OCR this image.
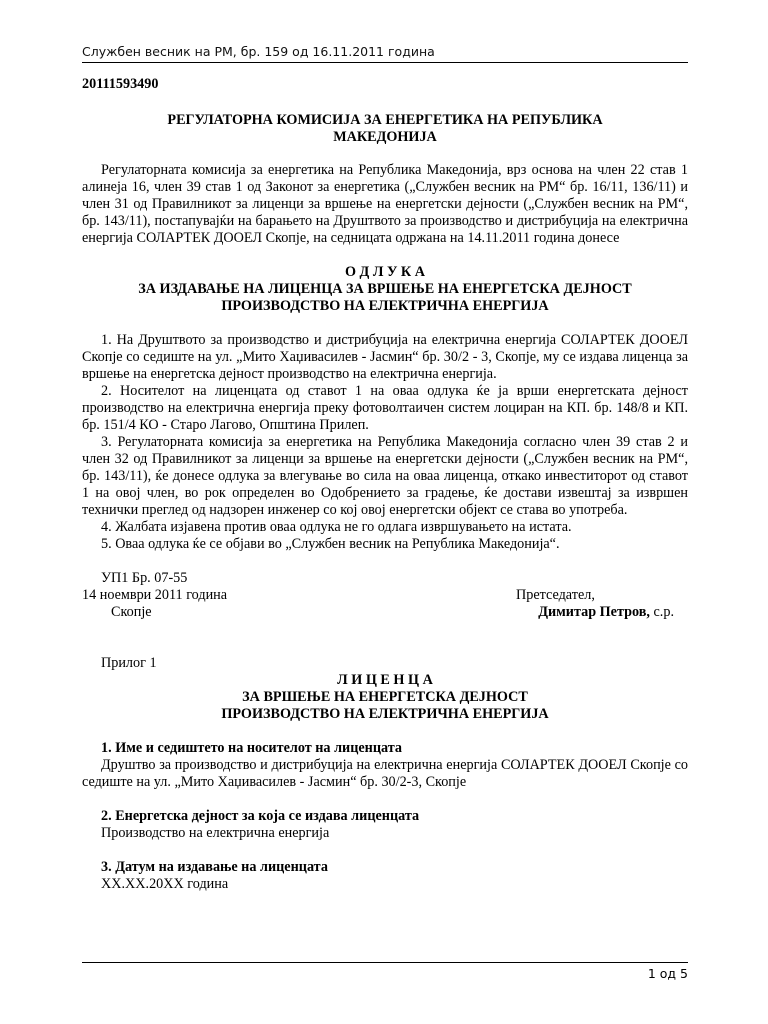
Службен весник на РМ, бр. 159 од 16.11.2011 година

20111593490

РЕГУЛАТОРНА КОМИСИЈА ЗА ЕНЕРГЕТИКА НА РЕПУБЛИКА

МАКЕДОНИЈА

Регулаторната комисија за енергетика на Република Македонија, врз основа на член 22 став 1 алинеја 16, член 39 став 1 од Законот за енергетика („Службен весник на РМ“ бр. 16/11, 136/11) и член 31 од Правилникот за лиценци за вршење на енергетски дејности („Службен весник на РМ“, бр. 143/11), постапувајќи на барањето на Друштвото за производство и дистрибуција на електрична енергија СОЛАРТЕК ДООЕЛ Скопје, на седницата одржана на 14.11.2011 година донесе

О Д Л У К А

ЗА ИЗДАВАЊЕ НА ЛИЦЕНЦА ЗА ВРШЕЊЕ НА ЕНЕРГЕТСКА ДЕЈНОСТ

ПРОИЗВОДСТВО НА ЕЛЕКТРИЧНА ЕНЕРГИЈА

1. На Друштвото за производство и дистрибуција на електрична енергија СОЛАРТЕК ДООЕЛ Скопје со седиште на ул. „Мито Хаџивасилев - Јасмин“ бр. 30/2 - 3, Скопје, му се издава лиценца за вршење на енергетска дејност производство на електрична енергија.

2. Носителот на лиценцата од ставот 1 на оваа одлука ќе ја врши енергетската дејност производство на електрична енергија преку фотоволтаичен систем лоциран на КП. бр. 148/8 и КП. бр. 151/4 КО - Старо Лагово, Општина Прилеп.

3. Регулаторната комисија за енергетика на Република Македонија согласно член 39 став 2 и член 32 од Правилникот за лиценци за вршење на енергетски дејности („Службен весник на РМ“, бр. 143/11), ќе донесе одлука за влегување во сила на оваа лиценца, откако инвеститорот од ставот 1 на овој член, во рок определен во Одобрението за градење, ќе достави извештај за извршен технички преглед од надзорен инженер со кој овој енергетски објект се става во употреба.

4. Жалбата изјавена против оваа одлука не го одлага извршувањето на истата.

5. Оваа одлука ќе се објави во „Службен весник на Република Македонија“.

УП1 Бр. 07-55
14 ноември 2011 година	Претседател,
Скопје	Димитар Петров, с.р.

Прилог 1

Л И Ц Е Н Ц А

ЗА ВРШЕЊЕ НА ЕНЕРГЕТСКА ДЕЈНОСТ

ПРОИЗВОДСТВО НА ЕЛЕКТРИЧНА ЕНЕРГИЈА

1. Име и седиштето на носителот на лиценцата

Друштво за производство и дистрибуција на електрична енергија СОЛАРТЕК ДООЕЛ Скопје со седиште на ул. „Мито Хаџивасилев - Јасмин“ бр. 30/2-3, Скопје

2. Енергетска дејност за која се издава лиценцата

Производство на електрична енергија

3. Датум на издавање на лиценцата

XX.XX.20XX година

1 од 5
